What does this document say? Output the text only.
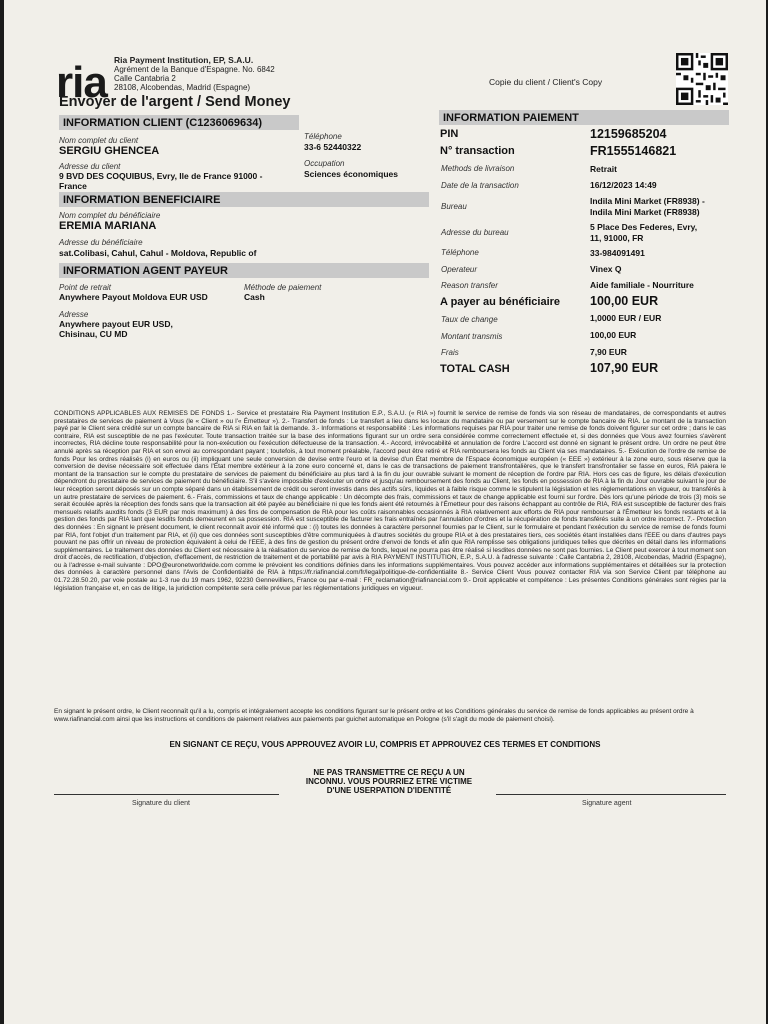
ria Ria Payment Institution, EP, S.A.U.
Agrément de la Banque d'Espagne. No. 6842
Calle Cantabria 2
28108, Alcobendas, Madrid (Espagne)
Copie du client / Client's Copy
Envoyer de l'argent / Send Money
INFORMATION CLIENT (C1236069634)
Nom complet du client
SERGIU GHENCEA
Téléphone
33-6 52440322
Adresse du client
9 BVD DES COQUIBUS, Evry, Ile de France 91000 -
France
Occupation
Sciences économiques
INFORMATION BENEFICIAIRE
Nom complet du bénéficiaire
EREMIA MARIANA
Adresse du bénéficiaire
sat.Colibasi, Cahul, Cahul - Moldova, Republic of
INFORMATION AGENT PAYEUR
Point de retrait
Anywhere Payout Moldova EUR USD
Méthode de paiement
Cash
Adresse
Anywhere payout EUR USD,
Chisinau, CU MD
INFORMATION PAIEMENT
PIN	12159685204
N° transaction	FR1555146821
Methods de livraison	Retrait
Date de la transaction	16/12/2023 14:49
Bureau
Indila Mini Market (FR8938) -
Indila Mini Market (FR8938)
Adresse du bureau
5 Place Des Federes, Evry,
11, 91000, FR
Téléphone	33-984091491
Operateur	Vinex Q
Reason transfer	Aide familiale - Nourriture
A payer au bénéficiaire 100,00 EUR
Taux de change	1,0000 EUR / EUR
Montant transmis	100,00 EUR
Frais	7,90 EUR
TOTAL CASH	107,90 EUR
CONDITIONS APPLICABLES AUX REMISES DE FONDS 1.- Service et prestataire Ria Payment Institution E.P., S.A.U. (« RIA ») fournit le service de remise de fonds via son réseau de mandataires, de correspondants et autres prestataires de services de paiement à Vous (le « Client » ou l'« Émetteur »). 2.- Transfert de fonds : Le transfert a lieu dans les locaux du mandataire ou par versement sur le compte bancaire de RIA. Le montant de la transaction payé par le Client sera crédité sur un compte bancaire de RIA si RIA en fait la demande. 3.- Informations et responsabilité : Les informations requises par RIA pour traiter une remise de fonds doivent figurer sur cet ordre ; dans le cas contraire, RIA est susceptible de ne pas l'exécuter. Toute transaction traitée sur la base des informations figurant sur un ordre sera considérée comme correctement effectuée et, si des données que Vous avez fournies s'avèrent incorrectes, RIA décline toute responsabilité pour la non-exécution ou l'exécution défectueuse de la transaction. 4.- Accord, irrévocabilité et annulation de l'ordre L'accord est donné en signant le présent ordre. Un ordre ne peut être annulé après sa réception par RIA et son envoi au correspondant payant ; toutefois, à tout moment préalable, l'accord peut être retiré et RIA remboursera les fonds au Client via ses mandataires. 5.- Exécution de l'ordre de remise de fonds Pour les ordres réalisés (i) en euros ou (ii) impliquant une seule conversion de devise entre l'euro et la devise d'un État membre de l'Espace économique européen (« EEE ») extérieur à la zone euro, sous réserve que la conversion de devise nécessaire soit effectuée dans l'État membre extérieur à la zone euro concerné et, dans le cas de transactions de paiement transfrontalières, que le transfert transfrontalier se fasse en euros, RIA paiera le montant de la transaction sur le compte du prestataire de services de paiement du bénéficiaire au plus tard à la fin du jour ouvrable suivant le moment de réception de l'ordre par RIA. Hors ces cas de figure, les délais d'exécution dépendront du prestataire de services de paiement du bénéficiaire. S'il s'avère impossible d'exécuter un ordre et jusqu'au remboursement des fonds au Client, les fonds en possession de RIA à la fin du Jour ouvrable suivant le jour de leur réception seront déposés sur un compte séparé dans un établissement de crédit ou seront investis dans des actifs sûrs, liquides et à faible risque comme le stipulent la législation et les réglementations en vigueur, ou transférés à un autre prestataire de services de paiement. 6.- Frais, commissions et taux de change applicable : Un décompte des frais, commissions et taux de change applicable est fourni sur l'ordre. Dès lors qu'une période de trois (3) mois se serait écoulée après la réception des fonds sans que la transaction ait été payée au bénéficiaire ni que les fonds aient été retournés à l'Émetteur pour des raisons échappant au contrôle de RIA, RIA est susceptible de facturer des frais mensuels relatifs auxdits fonds (3 EUR par mois maximum) à des fins de compensation de RIA pour les coûts raisonnables occasionnés à RIA relativement aux efforts de RIA pour rembourser à l'Émetteur les fonds restants et à la gestion des fonds par RIA tant que lesdits fonds demeurent en sa possession. RIA est susceptible de facturer les frais entraînés par l'annulation d'ordres et la récupération de fonds transférés suite à un ordre incorrect. 7.- Protection des données : En signant le présent document, le client reconnaît avoir été informé que : (i) toutes les données à caractère personnel fournies par le Client, sur le formulaire et pendant l'exécution du service de remise de fonds fourni par RIA, font l'objet d'un traitement par RIA, et (ii) que ces données sont susceptibles d'être communiquées à d'autres sociétés du groupe RIA et à des prestataires tiers, ces sociétés étant installées dans l'EEE ou dans d'autres pays pouvant ne pas offrir un niveau de protection équivalent à celui de l'EEE, à des fins de gestion du présent ordre d'envoi de fonds et afin que RIA remplisse ses obligations juridiques telles que décrites en détail dans les informations supplémentaires. Le traitement des données du Client est nécessaire à la réalisation du service de remise de fonds, lequel ne pourra pas être réalisé si lesdites données ne sont pas fournies. Le Client peut exercer à tout moment son droit d'accès, de rectification, d'objection, d'effacement, de restriction de traitement et de portabilité par avis à RIA PAYMENT INSTITUTION, E.P., S.A.U. à l'adresse suivante : Calle Cantabria 2, 28108, Alcobendas, Madrid (Espagne), ou à l'adresse e-mail suivante : DPO@euronetworldwide.com comme le prévoient les conditions définies dans les informations supplémentaires. Vous pouvez accéder aux informations supplémentaires et détaillées sur la protection des données à caractère personnel dans l'Avis de Confidentialité de RIA à https://fr.riafinancial.com/fr/legal/politique-de-confidentialite 8.- Service Client Vous pouvez contacter RIA via son Service Client par téléphone au 01.72.28.50.20, par voie postale au 1-3 rue du 19 mars 1962, 92230 Gennevilliers, France ou par e-mail : FR_reclamation@riafinancial.com 9.- Droit applicable et compétence : Les présentes Conditions générales sont régies par la législation française et, en cas de litige, la juridiction compétente sera celle prévue par les réglementations juridiques en vigueur.
En signant le présent ordre, le Client reconnaît qu'il a lu, compris et intégralement accepte les conditions figurant sur le présent ordre et les Conditions générales du service de remise de fonds applicables au présent ordre à www.riafinancial.com ainsi que les instructions et conditions de paiement relatives aux paiements par guichet automatique en Pologne (s'il s'agit du mode de paiement choisi).
EN SIGNANT CE REÇU, VOUS APPROUVEZ AVOIR LU, COMPRIS ET APPROUVEZ CES TERMES ET CONDITIONS
NE PAS TRANSMETTRE CE REÇU A UN
INCONNU. VOUS POURRIEZ ETRE VICTIME
D'UNE USERPATION D'IDENTITÉ
Signature du client	Signature agent
